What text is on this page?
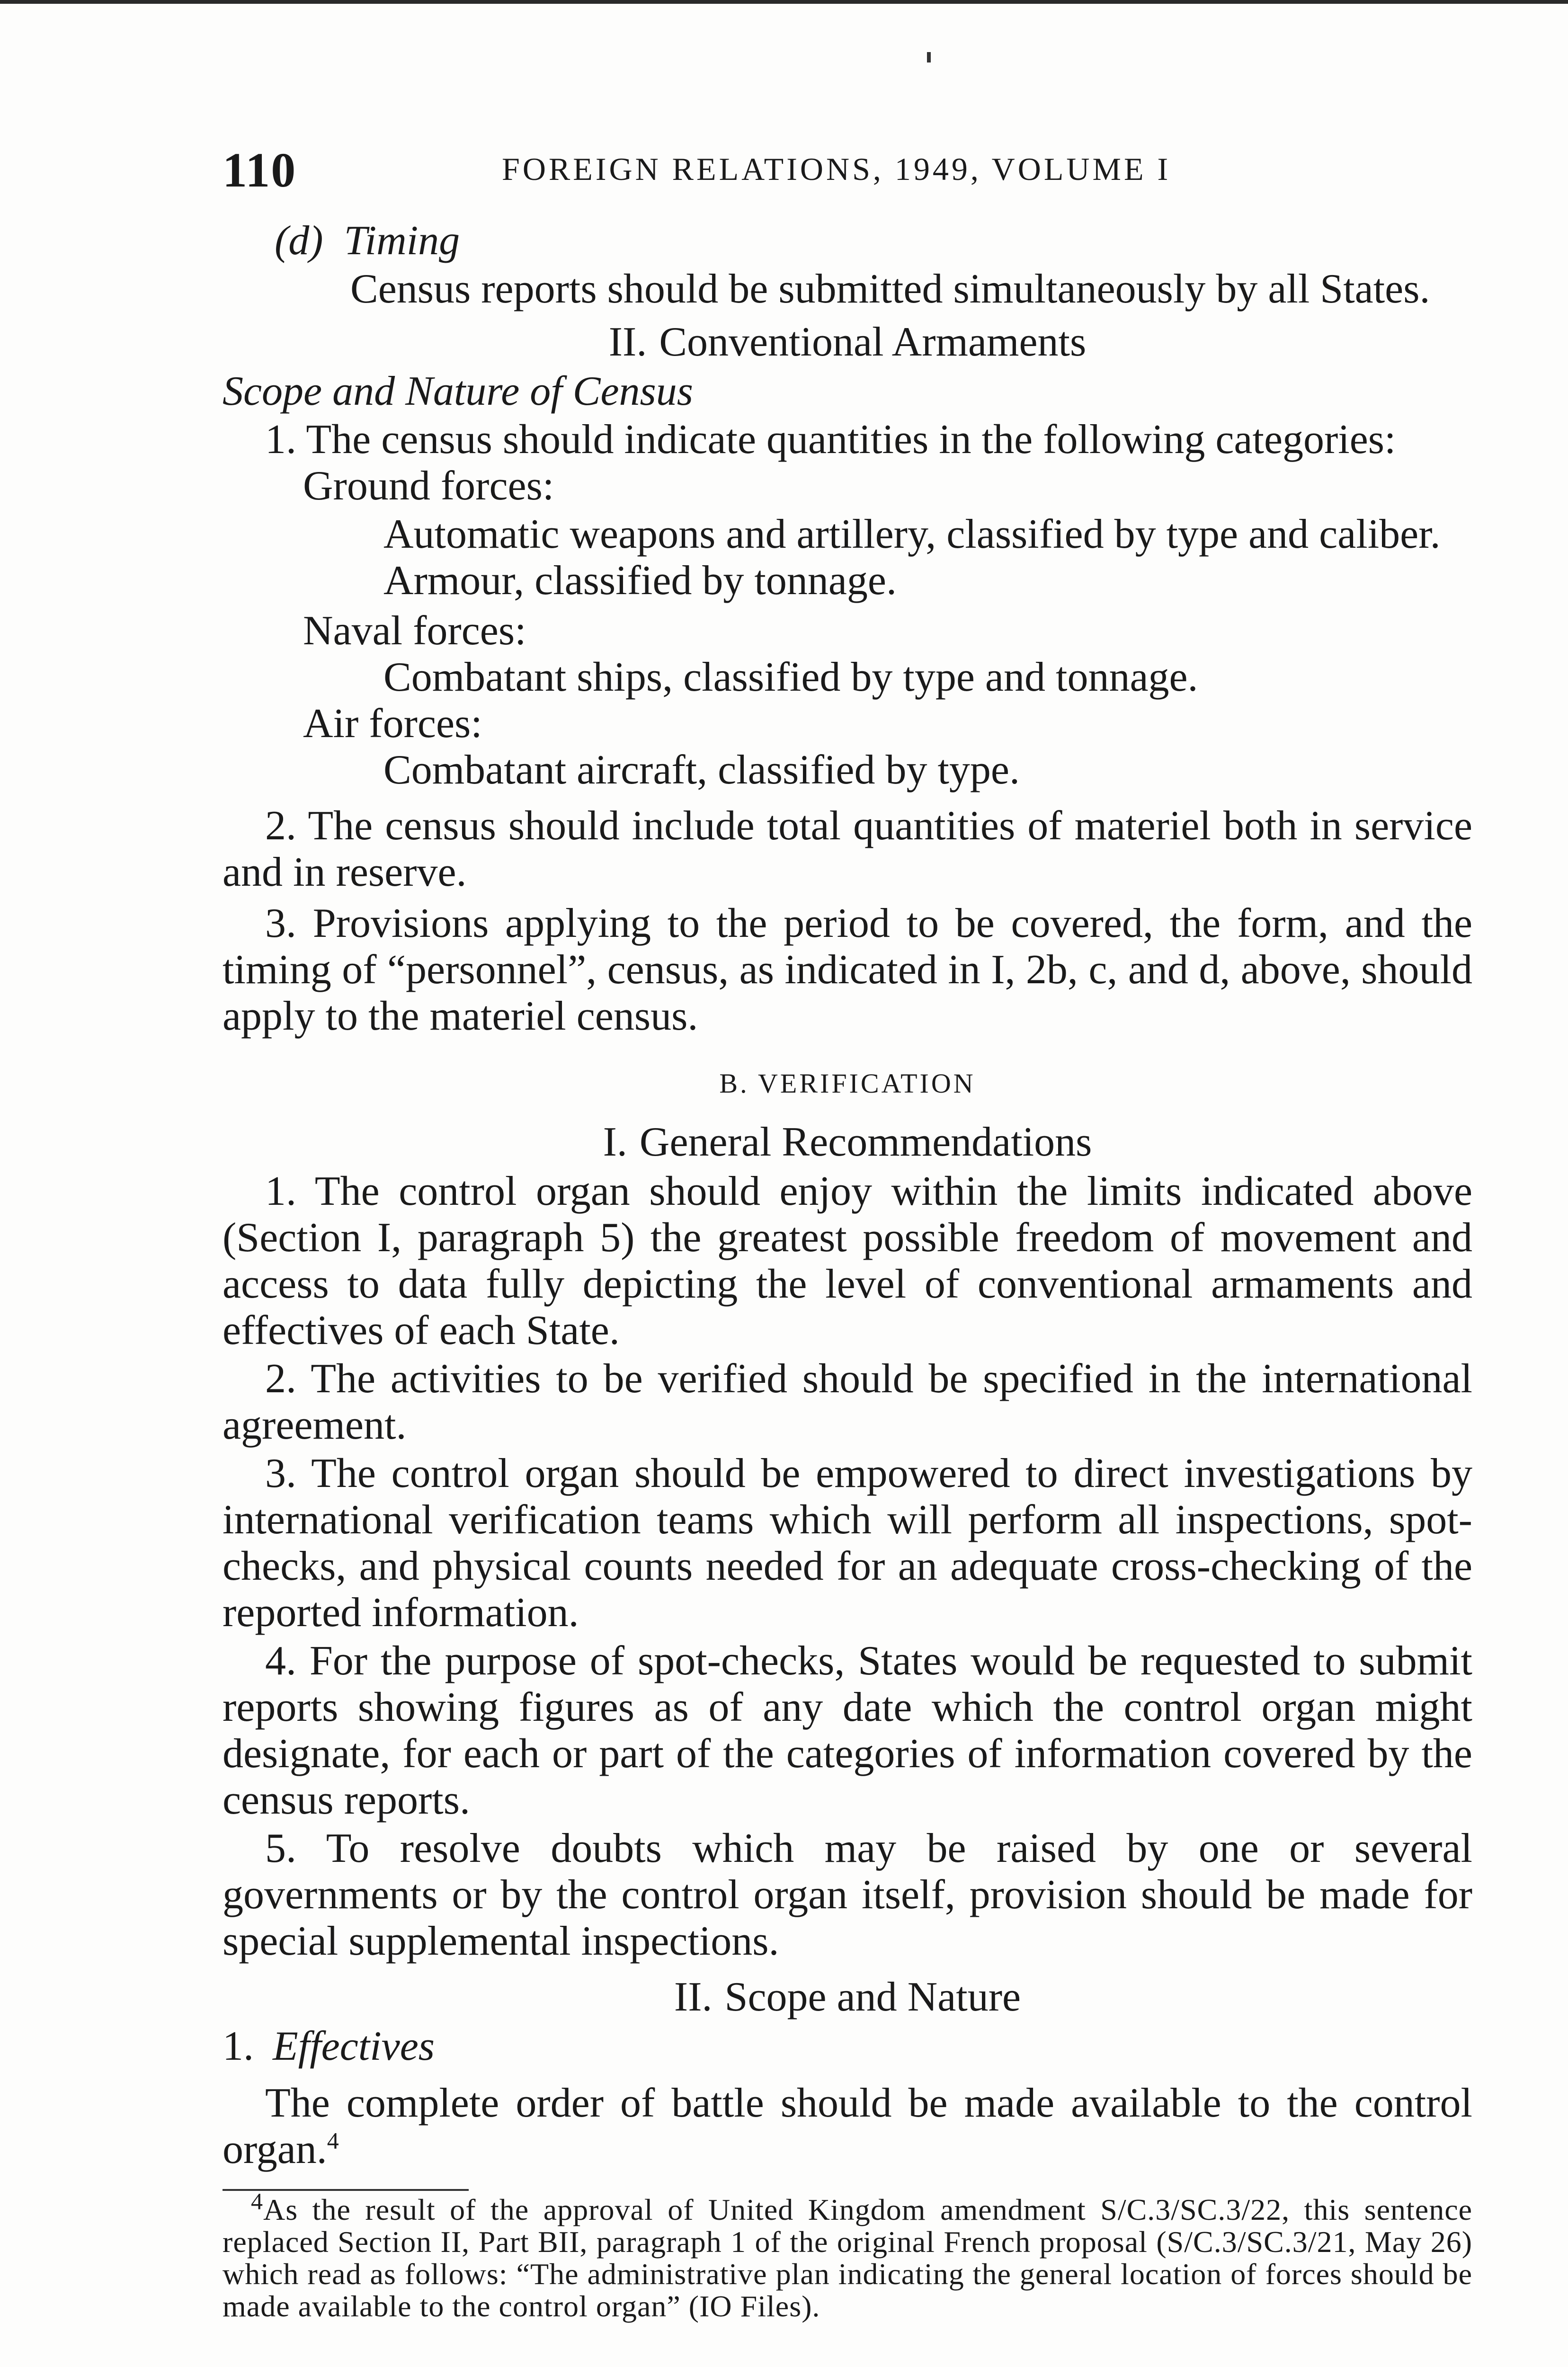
110	FOREIGN RELATIONS, 1949, VOLUME I

(d) Timing

Census reports should be submitted simultaneously by all States.

II. Conventional Armaments

Scope and Nature of Census

1. The census should indicate quantities in the following categories:

Ground forces:

Automatic weapons and artillery, classified by type and caliber.

Armour, classified by tonnage.

Naval forces:

Combatant ships, classified by type and tonnage.

Air forces:

Combatant aircraft, classified by type.

2. The census should include total quantities of materiel both in service and in reserve.

3. Provisions applying to the period to be covered, the form, and the timing of “personnel”, census, as indicated in I, 2b, c, and d, above, should apply to the materiel census.

B. VERIFICATION

I. General Recommendations

1. The control organ should enjoy within the limits indicated above (Section I, paragraph 5) the greatest possible freedom of movement and access to data fully depicting the level of conventional armaments and effectives of each State.

2. The activities to be verified should be specified in the international agreement.

3. The control organ should be empowered to direct investigations by international verification teams which will perform all inspections, spot-checks, and physical counts needed for an adequate cross-checking of the reported information.

4. For the purpose of spot-checks, States would be requested to submit reports showing figures as of any date which the control organ might designate, for each or part of the categories of information covered by the census reports.

5. To resolve doubts which may be raised by one or several governments or by the control organ itself, provision should be made for special supplemental inspections.

II. Scope and Nature

1. Effectives

The complete order of battle should be made available to the control organ.$^4$

$^4$As the result of the approval of United Kingdom amendment S/C.3/SC.3/22, this sentence replaced Section II, Part BII, paragraph 1 of the original French proposal (S/C.3/SC.3/21, May 26) which read as follows: “The administrative plan indicating the general location of forces should be made available to the control organ” (IO Files).
